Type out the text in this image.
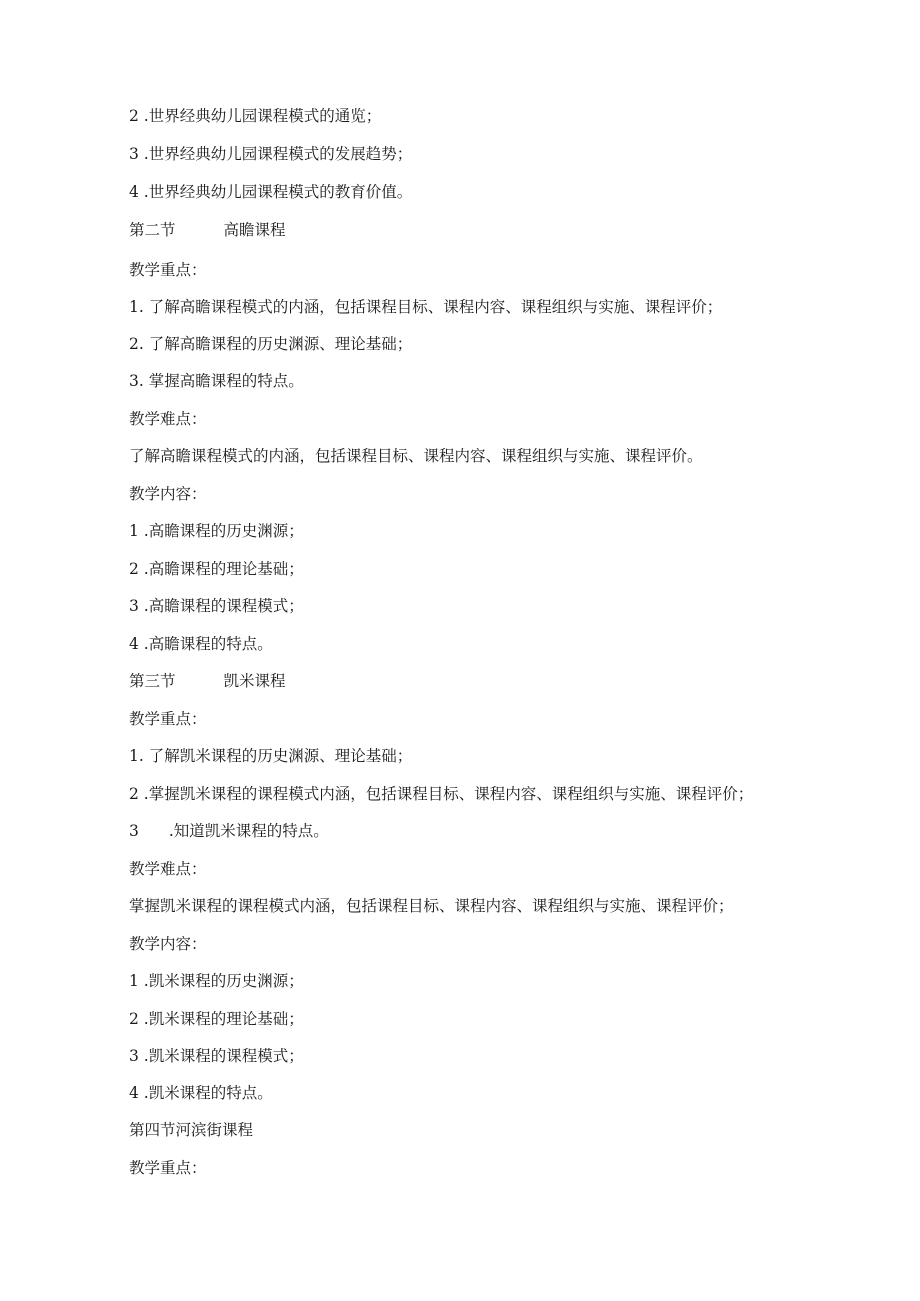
2 .世界经典幼儿园课程模式的通览；
3 .世界经典幼儿园课程模式的发展趋势；
4 .世界经典幼儿园课程模式的教育价值。
第二节	高瞻课程
教学重点：
1. 了解高瞻课程模式的内涵，包括课程目标、课程内容、课程组织与实施、课程评价；
2. 了解高瞻课程的历史渊源、理论基础；
3. 掌握高瞻课程的特点。
教学难点：
了解高瞻课程模式的内涵，包括课程目标、课程内容、课程组织与实施、课程评价。
教学内容：
1 .高瞻课程的历史渊源；
2 .高瞻课程的理论基础；
3 .高瞻课程的课程模式；
4 .高瞻课程的特点。
第三节	凯米课程
教学重点：
1. 了解凯米课程的历史渊源、理论基础；
2 .掌握凯米课程的课程模式内涵，包括课程目标、课程内容、课程组织与实施、课程评价；
3 .知道凯米课程的特点。
教学难点：
掌握凯米课程的课程模式内涵，包括课程目标、课程内容、课程组织与实施、课程评价；
教学内容：
1 .凯米课程的历史渊源；
2 .凯米课程的理论基础；
3 .凯米课程的课程模式；
4 .凯米课程的特点。
第四节河滨街课程
教学重点：
